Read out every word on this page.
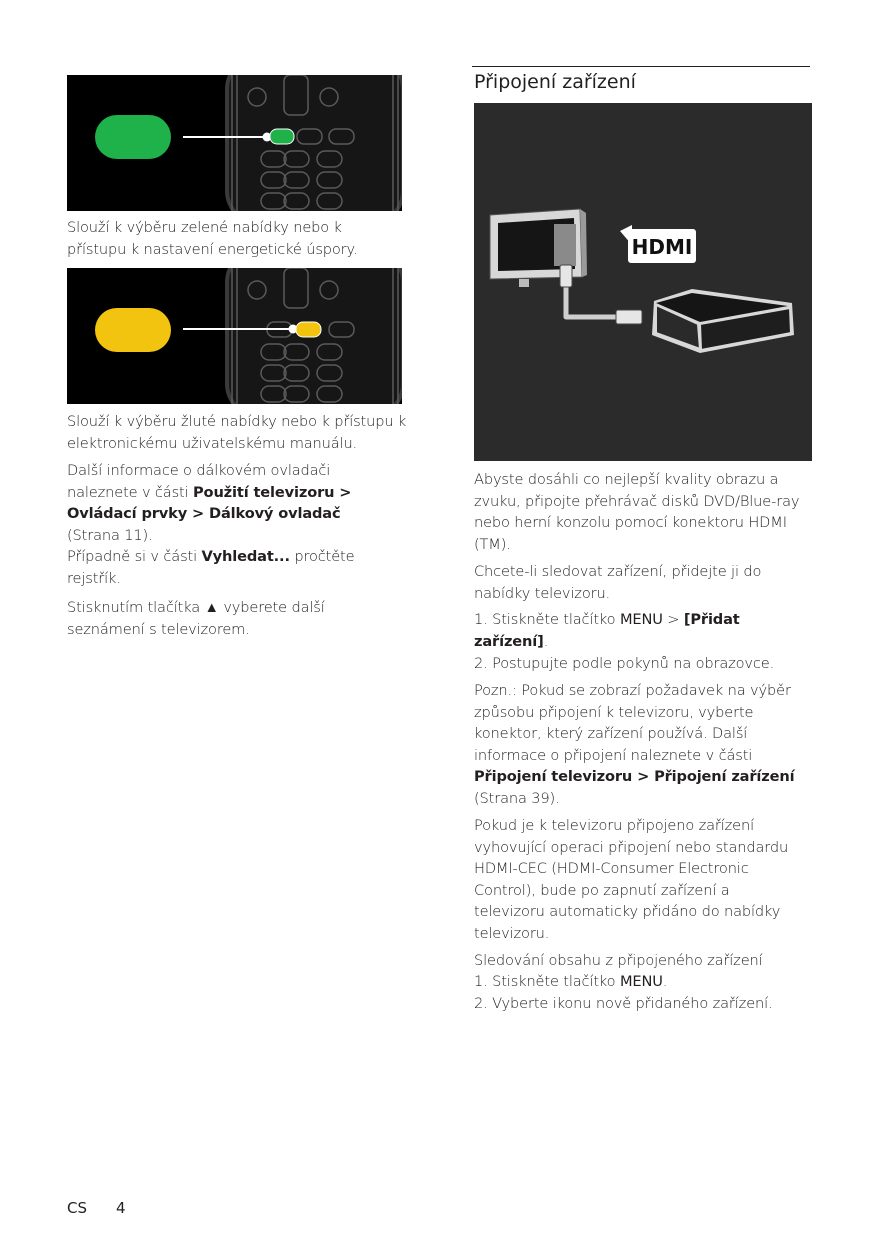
Slouží k výběru zelené nabídky nebo k přístupu k nastavení energetické úspory.

Slouží k výběru žluté nabídky nebo k přístupu k elektronickému uživatelskému manuálu.

Další informace o dálkovém ovladači naleznete v části Použití televizoru > Ovládací prvky > Dálkový ovladač (Strana 11).

Případně si v části Vyhledat... pročtěte rejstřík.

Stisknutím tlačítka ▲ vyberete další seznámení s televizorem.

Připojení zařízení
HDMI

Abyste dosáhli co nejlepší kvality obrazu a zvuku, připojte přehrávač disků DVD/Blue-ray nebo herní konzolu pomocí konektoru HDMI (TM).

Chcete-li sledovat zařízení, přidejte ji do nabídky televizoru.

1. Stiskněte tlačítko MENU > [Přidat zařízení].

2. Postupujte podle pokynů na obrazovce.

Pozn.: Pokud se zobrazí požadavek na výběr způsobu připojení k televizoru, vyberte konektor, který zařízení používá. Další informace o připojení naleznete v části Připojení televizoru > Připojení zařízení (Strana 39).

Pokud je k televizoru připojeno zařízení vyhovující operaci připojení nebo standardu HDMI-CEC (HDMI-Consumer Electronic Control), bude po zapnutí zařízení a televizoru automaticky přidáno do nabídky televizoru.

Sledování obsahu z připojeného zařízení

1. Stiskněte tlačítko MENU.

2. Vyberte ikonu nově přidaného zařízení.

CS 4
